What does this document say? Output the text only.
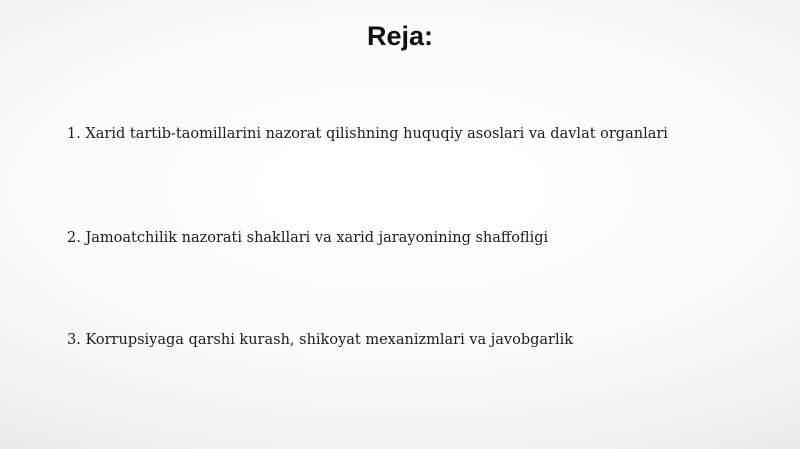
Reja:
1. Xarid tartib-taomillarini nazorat qilishning huquqiy asoslari va davlat organlari
2. Jamoatchilik nazorati shakllari va xarid jarayonining shaffofligi
3. Korrupsiyaga qarshi kurash, shikoyat mexanizmlari va javobgarlik
